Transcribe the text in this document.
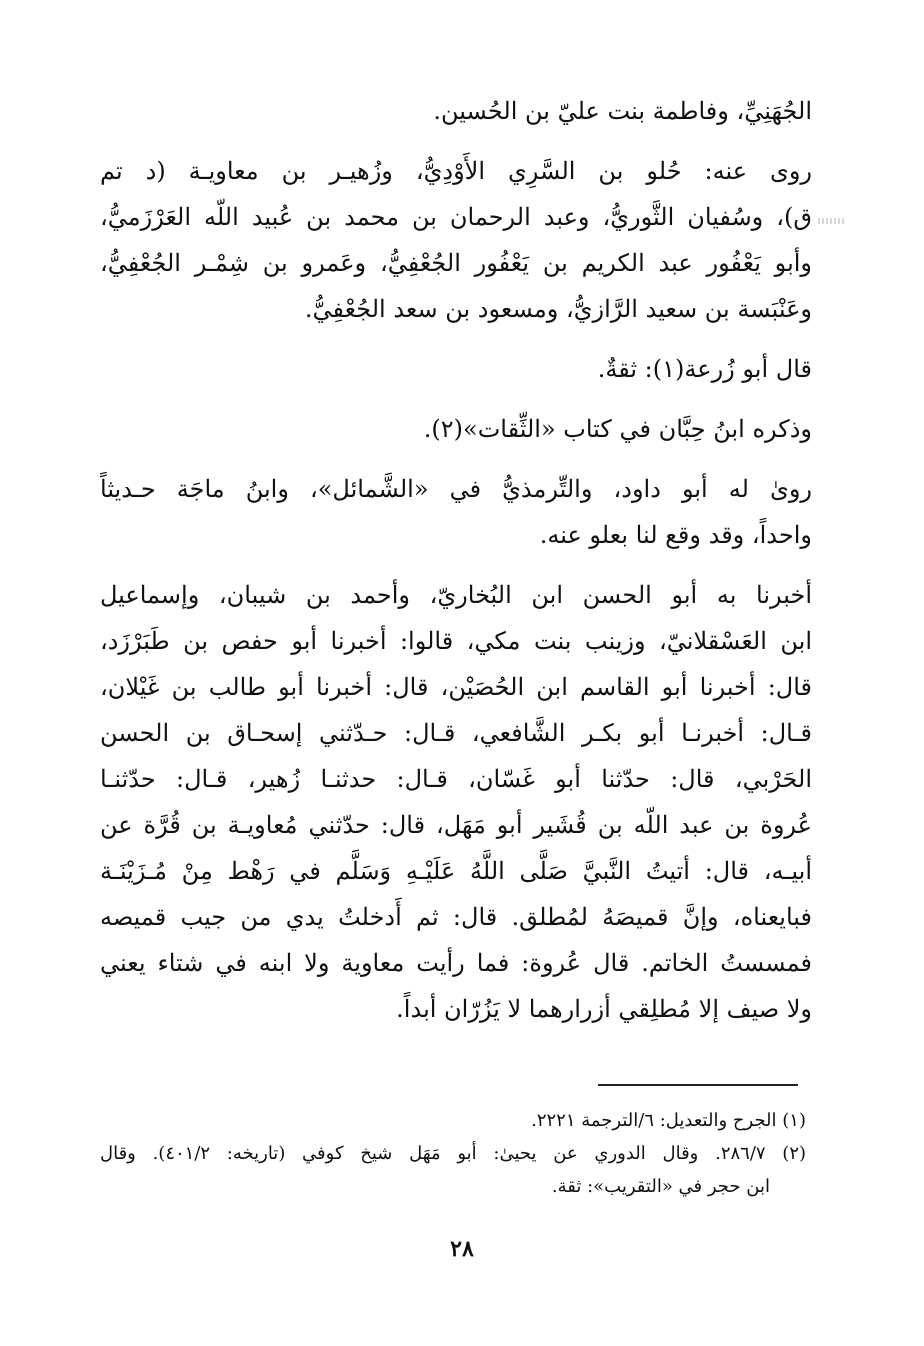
الجُهَنِيِّ، وفاطمة بنت عليّ بن الحُسين.
روى عنه: حُلو بن السَّرِي الأَوْدِيُّ، وزُهيـر بن معاويـة (د تم
ق)، وسُفيان الثَّوريُّ، وعبد الرحمان بن محمد بن عُبيد اللّه العَرْزَميُّ،
وأبو يَعْفُور عبد الكريم بن يَعْفُور الجُعْفِيُّ، وعَمرو بن شِمْـر الجُعْفِيُّ،
وعَنْبَسة بن سعيد الرَّازيُّ، ومسعود بن سعد الجُعْفِيُّ.
قال أبو زُرعة(١): ثقةٌ.
وذكره ابنُ حِبَّان في كتاب «الثِّقات»(٢).
روىٰ له أبو داود، والتِّرمذيُّ في «الشَّمائل»، وابنُ ماجَة حـديثاً
واحداً، وقد وقع لنا بعلو عنه.
أخبرنا به أبو الحسن ابن البُخاريّ، وأحمد بن شيبان، وإسماعيل
ابن العَسْقلانيّ، وزينب بنت مكي، قالوا: أخبرنا أبو حفص بن طَبَرْزَد،
قال: أخبرنا أبو القاسم ابن الحُصَيْن، قال: أخبرنا أبو طالب بن غَيْلان،
قـال: أخبرنـا أبو بكـر الشَّافعي، قـال: حـدّثني إسحـاق بن الحسن
الحَرْبي، قال: حدّثنا أبو غَسّان، قـال: حدثنـا زُهير، قـال: حدّثنـا
عُروة بن عبد اللّه بن قُشَير أبو مَهَل، قال: حدّثني مُعاويـة بن قُرَّة عن
أبيـه، قال: أتيتُ النَّبيَّ صَلَّى اللَّهُ عَلَيْـهِ وَسَلَّم في رَهْط مِنْ مُـزَيْنَـة
فبايعناه، وإنَّ قميصَهُ لمُطلق. قال: ثم أَدخلتُ يدي من جيب قميصه
فمسستُ الخاتم. قال عُروة: فما رأيت معاوية ولا ابنه في شتاء يعني
ولا صيف إلا مُطلِقي أزرارهما لا يَزُرّان أبداً.
(١) الجرح والتعديل: ٦/الترجمة ٢٢٢١.
(٢) ٢٨٦/٧. وقال الدوري عن يحيىٰ: أبو مَهَل شيخ كوفي (تاريخه: ٤٠١/٢). وقال
ابن حجر في «التقريب»: ثقة.
٢٨
